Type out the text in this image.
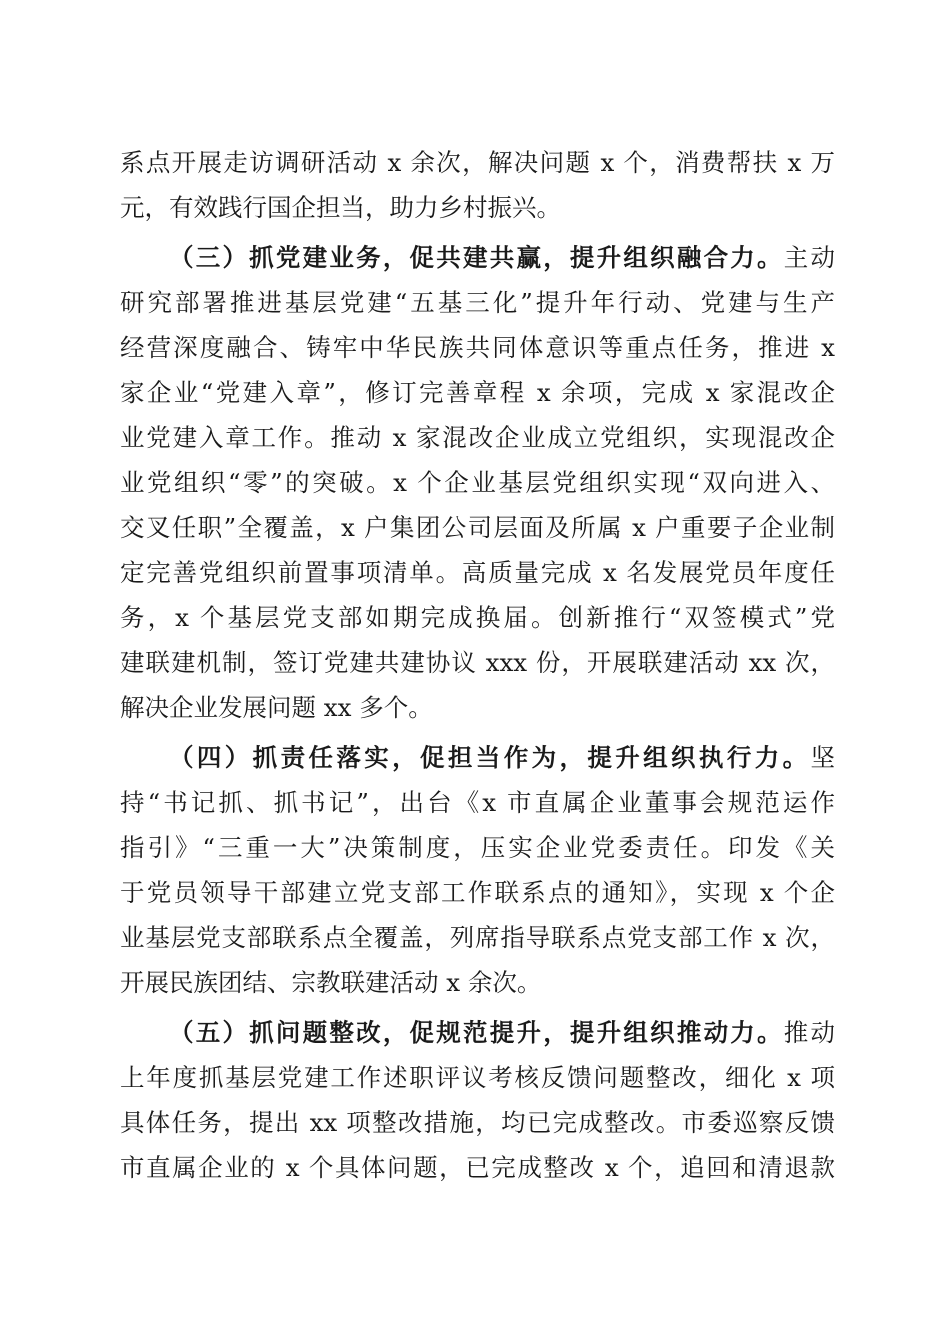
系点开展走访调研活动 x 余次，解决问题 x 个，消费帮扶 x 万
元，有效践行国企担当，助力乡村振兴。
（三）抓党建业务，促共建共赢，提升组织融合力。主动
研究部署推进基层党建“五基三化”提升年行动、党建与生产
经营深度融合、铸牢中华民族共同体意识等重点任务，推进 x
家企业“党建入章”，修订完善章程 x 余项，完成 x 家混改企
业党建入章工作。推动 x 家混改企业成立党组织，实现混改企
业党组织“零”的突破。x 个企业基层党组织实现“双向进入、
交叉任职”全覆盖，x 户集团公司层面及所属 x 户重要子企业制
定完善党组织前置事项清单。高质量完成 x 名发展党员年度任
务，x 个基层党支部如期完成换届。创新推行“双签模式”党
建联建机制，签订党建共建协议 xxx 份，开展联建活动 xx 次，
解决企业发展问题 xx 多个。
（四）抓责任落实，促担当作为，提升组织执行力。坚
持“书记抓、抓书记”，出台《x 市直属企业董事会规范运作
指引》“三重一大”决策制度，压实企业党委责任。印发《关
于党员领导干部建立党支部工作联系点的通知》，实现 x 个企
业基层党支部联系点全覆盖，列席指导联系点党支部工作 x 次，
开展民族团结、宗教联建活动 x 余次。
（五）抓问题整改，促规范提升，提升组织推动力。推动
上年度抓基层党建工作述职评议考核反馈问题整改，细化 x 项
具体任务，提出 xx 项整改措施，均已完成整改。市委巡察反馈
市直属企业的 x 个具体问题，已完成整改 x 个，追回和清退款
